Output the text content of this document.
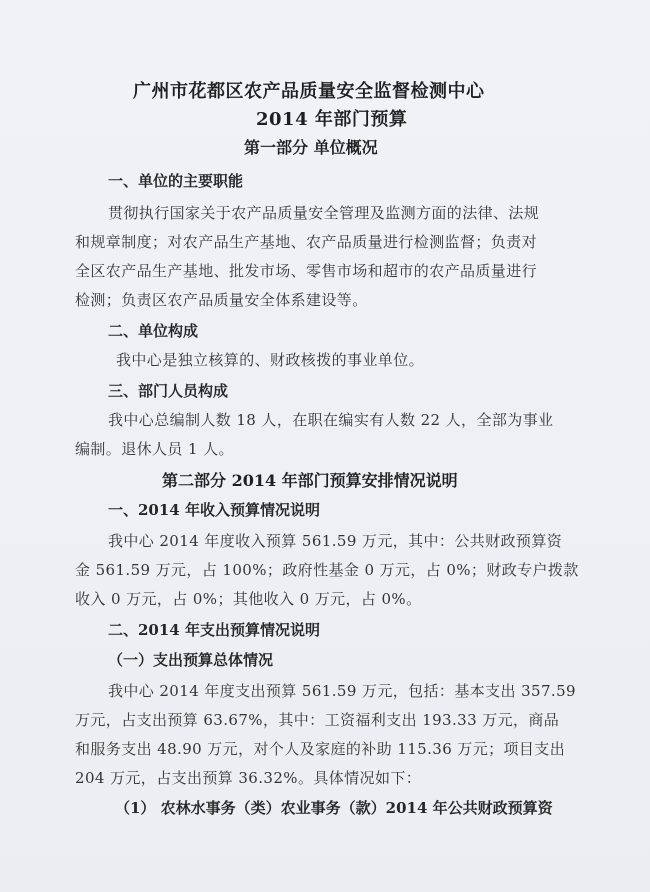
广州市花都区农产品质量安全监督检测中心
2014 年部门预算
第一部分 单位概况
一、单位的主要职能
贯彻执行国家关于农产品质量安全管理及监测方面的法律、法规
和规章制度；对农产品生产基地、农产品质量进行检测监督；负责对
全区农产品生产基地、批发市场、零售市场和超市的农产品质量进行
检测；负责区农产品质量安全体系建设等。
二、单位构成
我中心是独立核算的、财政核拨的事业单位。
三、部门人员构成
我中心总编制人数 18 人，在职在编实有人数 22 人，全部为事业
编制。退休人员 1 人。
第二部分 2014 年部门预算安排情况说明
一、2014 年收入预算情况说明
我中心 2014 年度收入预算 561.59 万元，其中：公共财政预算资
金 561.59 万元，占 100%；政府性基金 0 万元，占 0%；财政专户拨款
收入 0 万元，占 0%；其他收入 0 万元，占 0%。
二、2014 年支出预算情况说明
（一）支出预算总体情况
我中心 2014 年度支出预算 561.59 万元，包括：基本支出 357.59
万元，占支出预算 63.67%，其中：工资福利支出 193.33 万元，商品
和服务支出 48.90 万元，对个人及家庭的补助 115.36 万元；项目支出
204 万元，占支出预算 36.32%。具体情况如下：
（1） 农林水事务（类）农业事务（款）2014 年公共财政预算资
